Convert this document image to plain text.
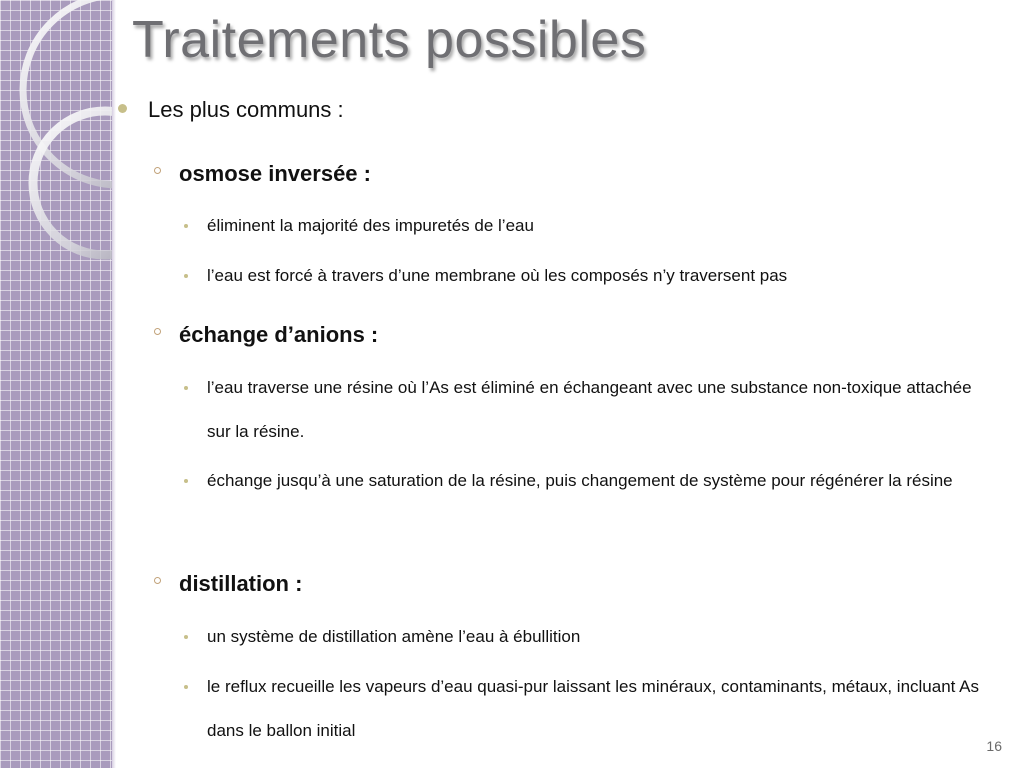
Traitements possibles
Les plus communs :
osmose inversée :
éliminent la majorité des impuretés de l’eau
l’eau est forcé à travers d’une membrane où les composés n’y traversent pas
échange d’anions :
l’eau traverse une résine où l’As est éliminé en échangeant avec une substance non-toxique attachée sur la résine.
échange jusqu’à une saturation de la résine, puis changement de système pour régénérer la résine
distillation :
un système de distillation amène l’eau à ébullition
le reflux recueille les vapeurs d’eau quasi-pur laissant les minéraux, contaminants, métaux, incluant As dans le ballon initial
16
